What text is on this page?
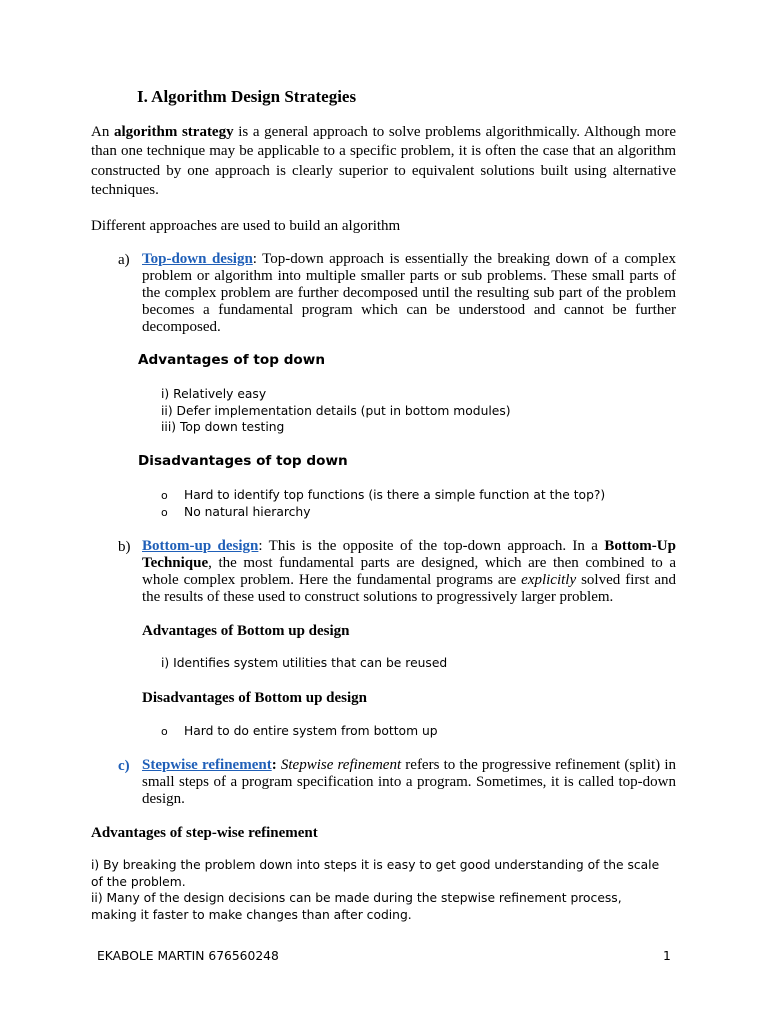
I. Algorithm Design Strategies

An algorithm strategy is a general approach to solve problems algorithmically. Although more than one technique may be applicable to a specific problem, it is often the case that an algorithm constructed by one approach is clearly superior to equivalent solutions built using alternative techniques.

Different approaches are used to build an algorithm

a) Top-down design: Top-down approach is essentially the breaking down of a complex problem or algorithm into multiple smaller parts or sub problems. These small parts of the complex problem are further decomposed until the resulting sub part of the problem becomes a fundamental program which can be understood and cannot be further decomposed.

Advantages of top down
i) Relatively easy
ii) Defer implementation details (put in bottom modules)
iii) Top down testing
Disadvantages of top down
o Hard to identify top functions (is there a simple function at the top?)
o No natural hierarchy
b) Bottom-up design: This is the opposite of the top-down approach. In a Bottom-Up Technique, the most fundamental parts are designed, which are then combined to a whole complex problem. Here the fundamental programs are explicitly solved first and the results of these used to construct solutions to progressively larger problem.

Advantages of Bottom up design
i) Identifies system utilities that can be reused
Disadvantages of Bottom up design
o Hard to do entire system from bottom up
c) Stepwise refinement: Stepwise refinement refers to the progressive refinement (split) in small steps of a program specification into a program. Sometimes, it is called top-down design.

Advantages of step-wise refinement
i) By breaking the problem down into steps it is easy to get good understanding of the scale of the problem.
ii) Many of the design decisions can be made during the stepwise refinement process, making it faster to make changes than after coding.
EKABOLE MARTIN 676560248	1
